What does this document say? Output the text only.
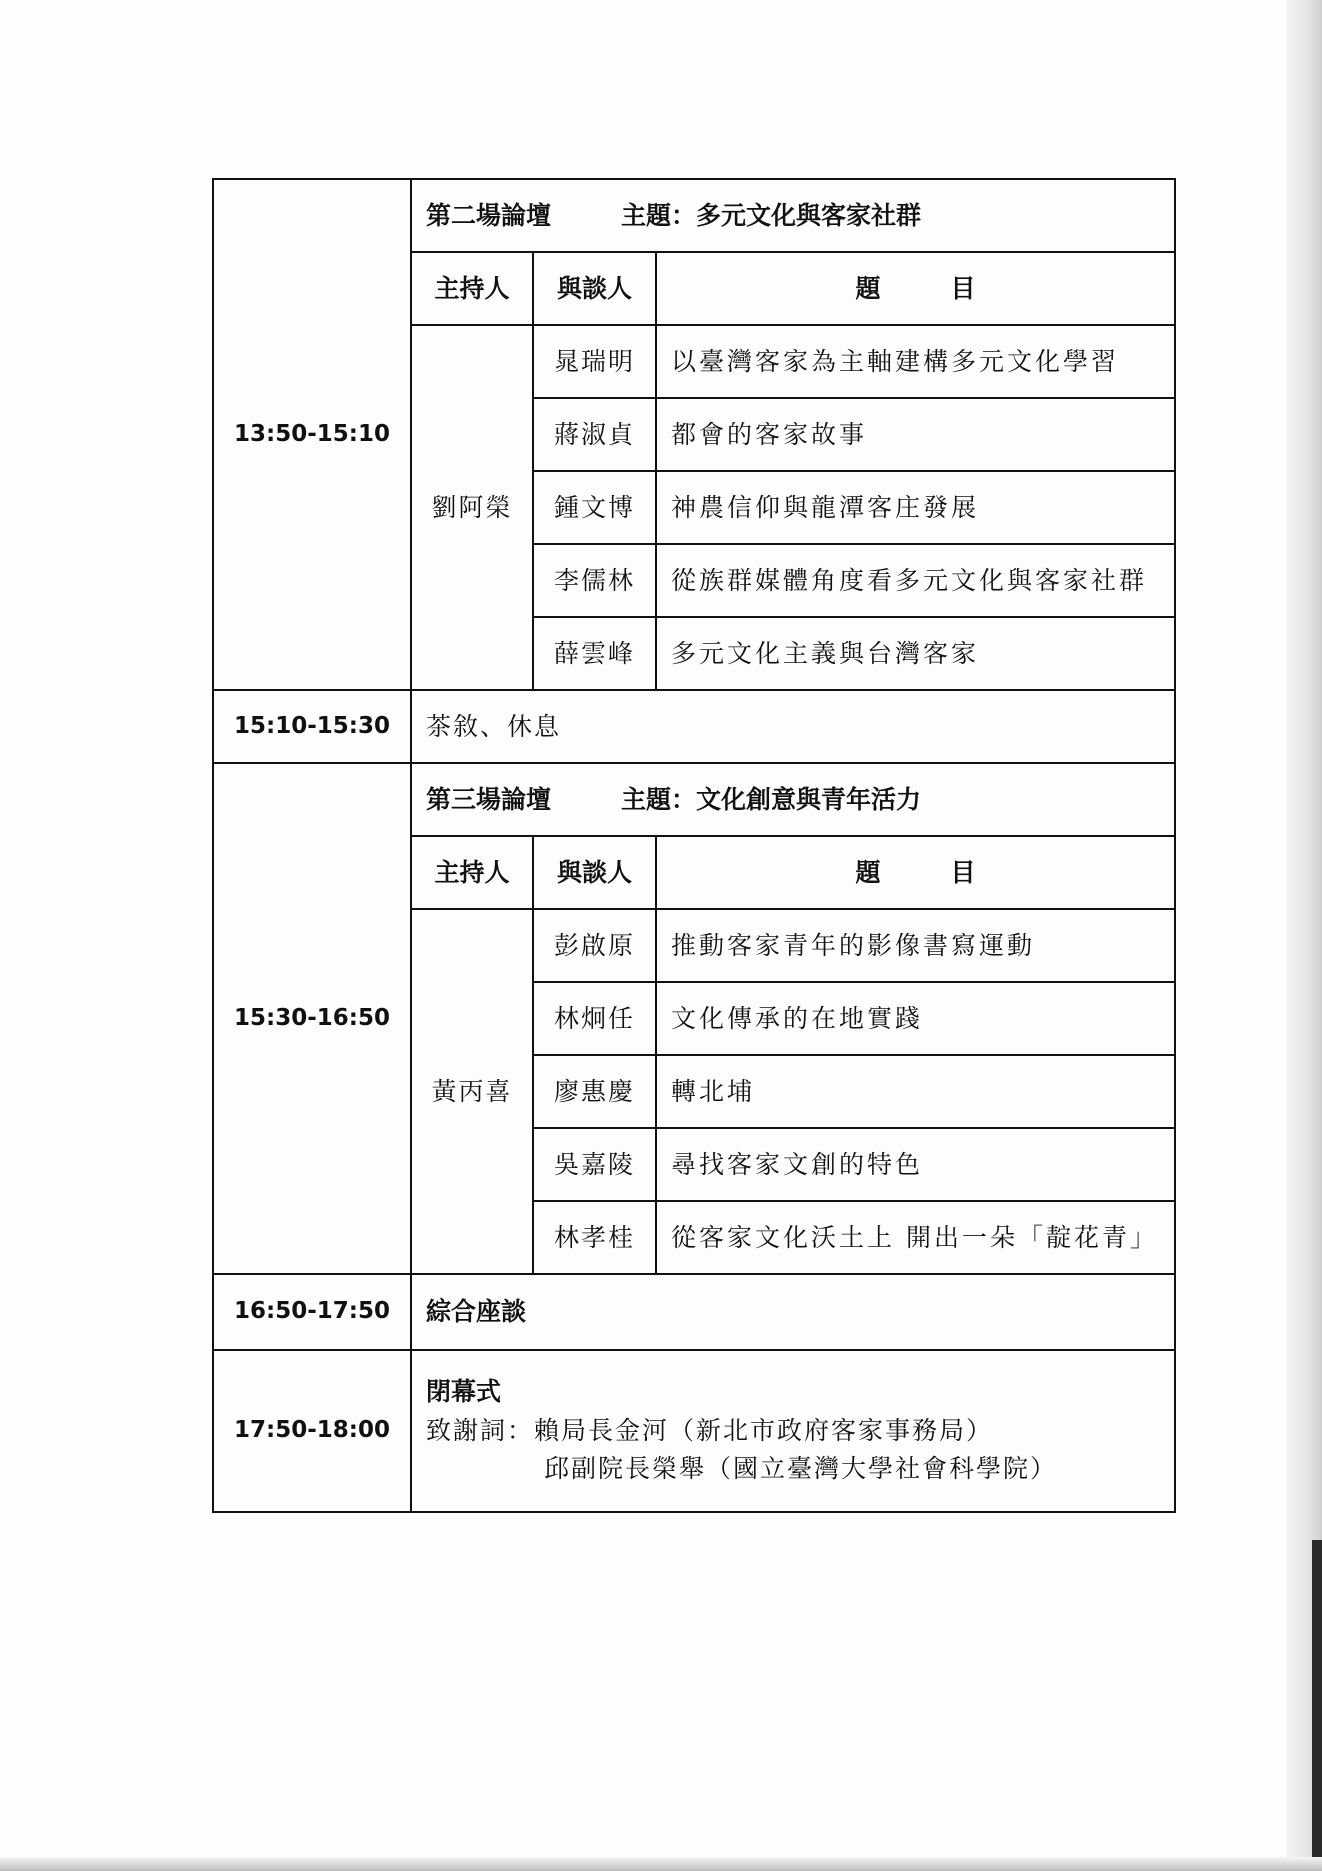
13:50-15:10	第二場論壇 主題：多元文化與客家社群		
	主持人	與談人	題 目
	劉阿榮	晁瑞明	以臺灣客家為主軸建構多元文化學習
		蔣淑貞	都會的客家故事
		鍾文博	神農信仰與龍潭客庄發展
		李儒林	從族群媒體角度看多元文化與客家社群
		薛雲峰	多元文化主義與台灣客家
15:10-15:30	茶敘、休息		
15:30-16:50	第三場論壇 主題：文化創意與青年活力		
	主持人	與談人	題 目
	黃丙喜	彭啟原	推動客家青年的影像書寫運動
		林炯任	文化傳承的在地實踐
		廖惠慶	轉北埔
		吳嘉陵	尋找客家文創的特色
		林孝桂	從客家文化沃土上 開出一朵「靛花青」
16:50-17:50	綜合座談		
17:50-18:00	閉幕式
致謝詞：賴局長金河（新北市政府客家事務局）
邱副院長榮舉（國立臺灣大學社會科學院）		
